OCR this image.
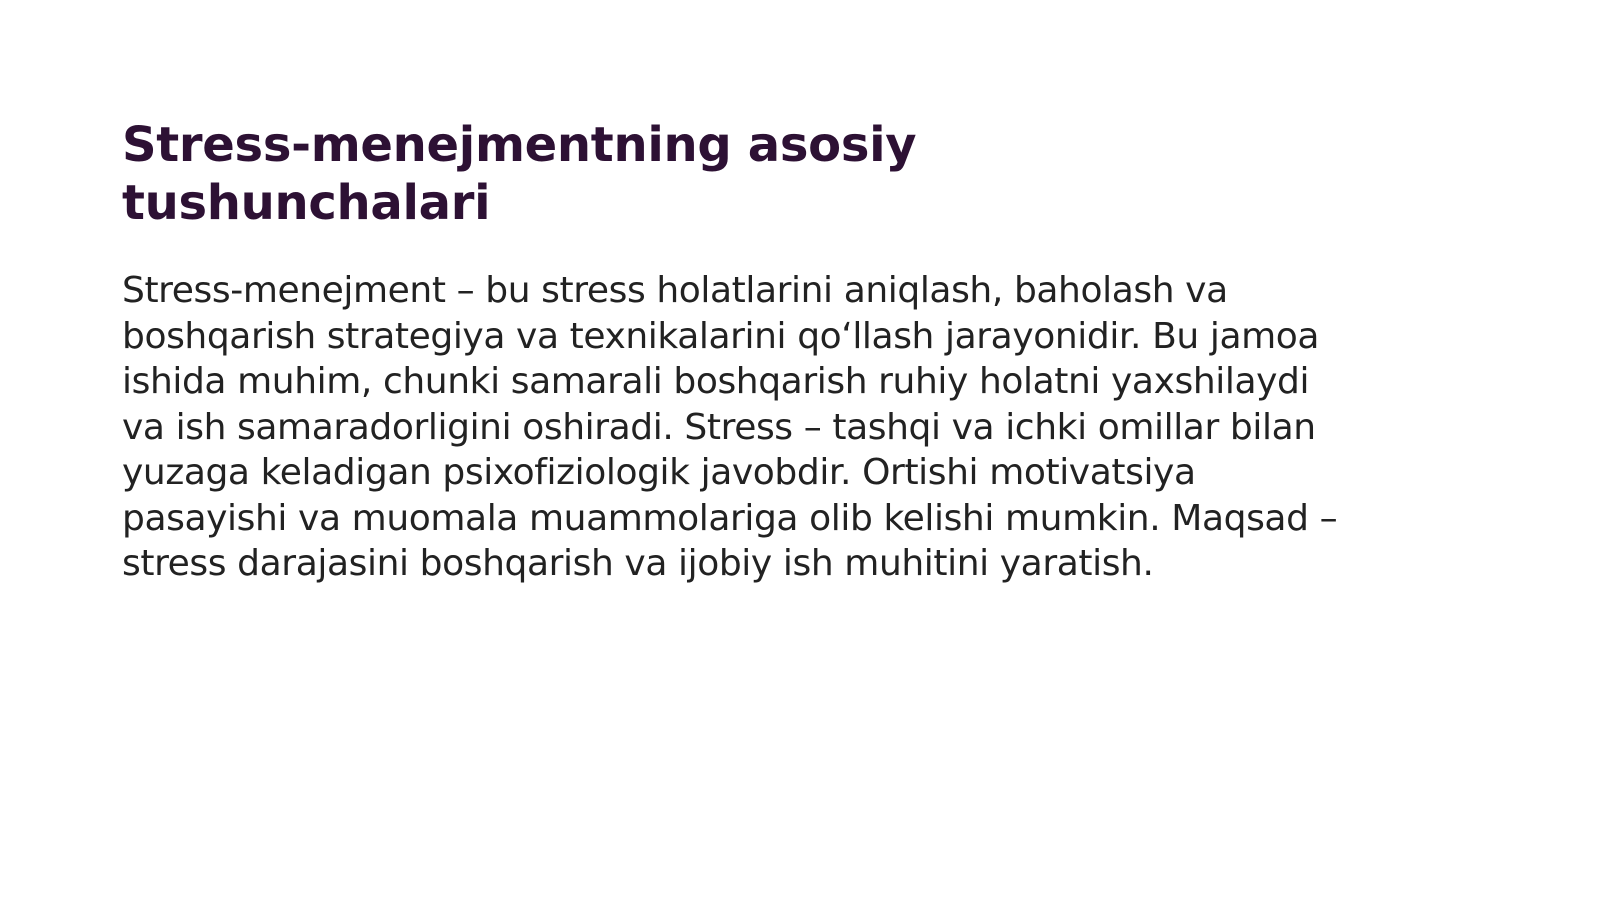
Stress-menejmentning asosiy tushunchalari

Stress-menejment – bu stress holatlarini aniqlash, baholash va boshqarish strategiya va texnikalarini qo‘llash jarayonidir. Bu jamoa ishida muhim, chunki samarali boshqarish ruhiy holatni yaxshilaydi va ish samaradorligini oshiradi. Stress – tashqi va ichki omillar bilan yuzaga keladigan psixofiziologik javobdir. Ortishi motivatsiya pasayishi va muomala muammolariga olib kelishi mumkin. Maqsad – stress darajasini boshqarish va ijobiy ish muhitini yaratish.
